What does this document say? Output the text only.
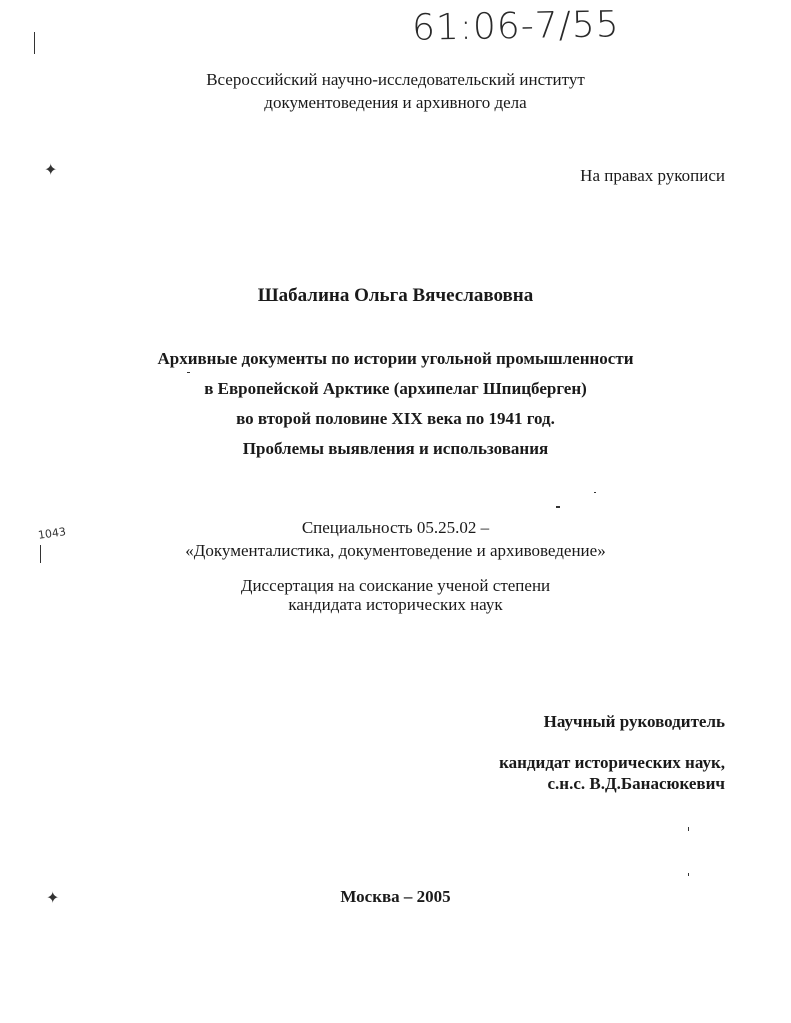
61:06-7/55
Всероссийский научно-исследовательский институт
документоведения и архивного дела
На правах рукописи
Шабалина Ольга Вячеславовна
Архивные документы по истории угольной промышленности
в Европейской Арктике (архипелаг Шпицберген)
во второй половине XIX века по 1941 год.
Проблемы выявления и использования
Специальность 05.25.02 –
«Документалистика, документоведение и архивоведение»
Диссертация на соискание ученой степени
кандидата исторических наук
Научный руководитель
кандидат исторических наук,
с.н.с. В.Д.Банасюкевич
Москва – 2005
✦
1043
✦
